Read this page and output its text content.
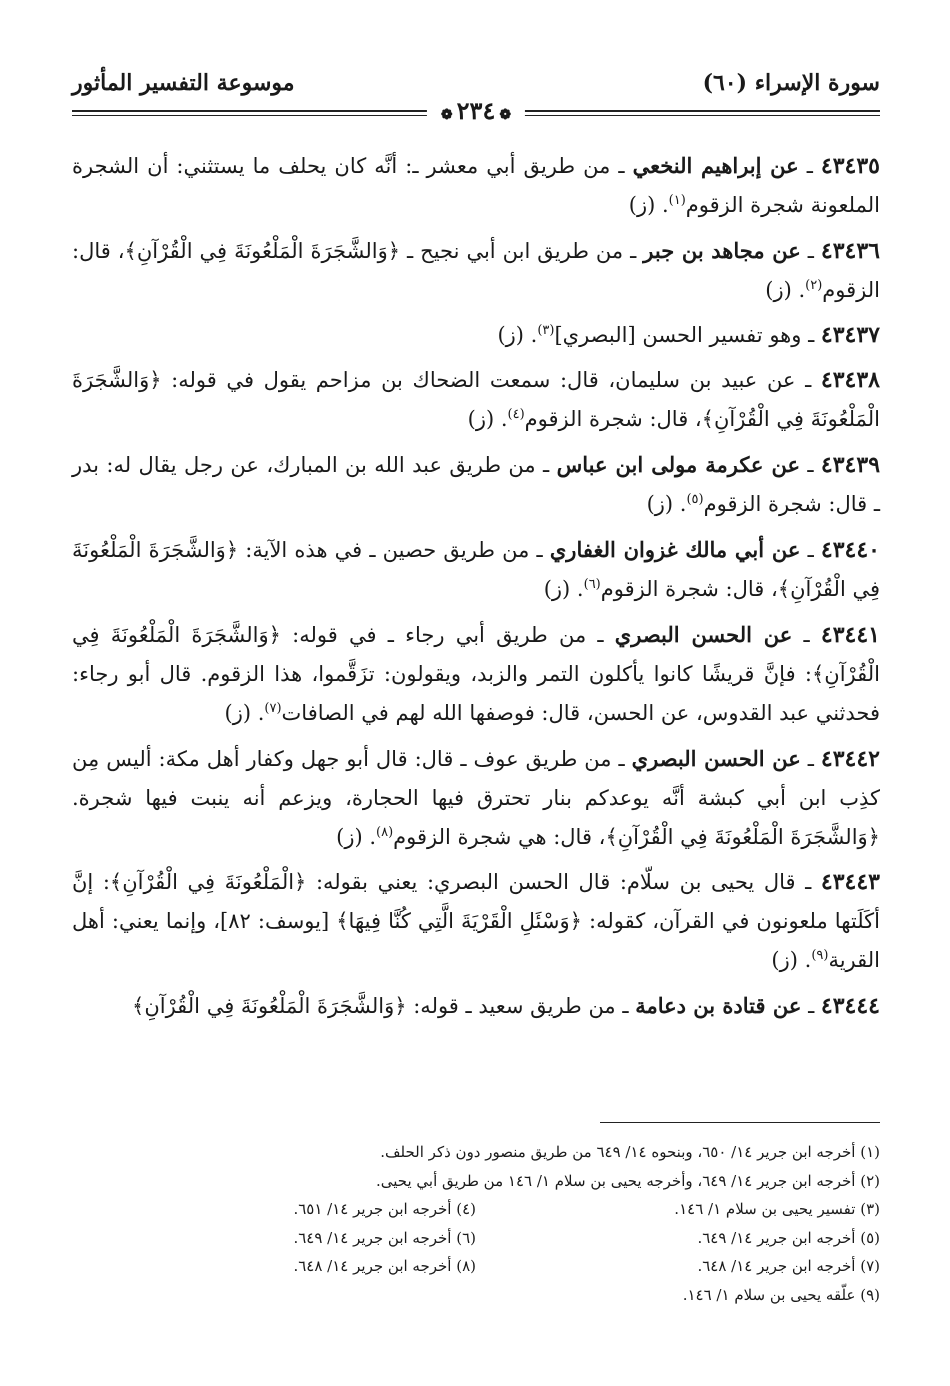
سورة الإسراء (٦٠)
موسوعة التفسير المأثور
❁٢٣٤❁

٤٣٤٣٥ ـ عن إبراهيم النخعي ـ من طريق أبي معشر ـ: أنَّه كان يحلف ما يستثني: أن الشجرة الملعونة شجرة الزقوم$^{(١)}$. (ز)

٤٣٤٣٦ ـ عن مجاهد بن جبر ـ من طريق ابن أبي نجيح ـ ﴿وَالشَّجَرَةَ الْمَلْعُونَةَ فِي الْقُرْآنِ﴾، قال: الزقوم$^{(٢)}$. (ز)

٤٣٤٣٧ ـ وهو تفسير الحسن [البصري]$^{(٣)}$. (ز)

٤٣٤٣٨ ـ عن عبيد بن سليمان، قال: سمعت الضحاك بن مزاحم يقول في قوله: ﴿وَالشَّجَرَةَ الْمَلْعُونَةَ فِي الْقُرْآنِ﴾، قال: شجرة الزقوم$^{(٤)}$. (ز)

٤٣٤٣٩ ـ عن عكرمة مولى ابن عباس ـ من طريق عبد الله بن المبارك، عن رجل يقال له: بدر ـ قال: شجرة الزقوم$^{(٥)}$. (ز)

٤٣٤٤٠ ـ عن أبي مالك غزوان الغفاري ـ من طريق حصين ـ في هذه الآية: ﴿وَالشَّجَرَةَ الْمَلْعُونَةَ فِي الْقُرْآنِ﴾، قال: شجرة الزقوم$^{(٦)}$. (ز)

٤٣٤٤١ ـ عن الحسن البصري ـ من طريق أبي رجاء ـ في قوله: ﴿وَالشَّجَرَةَ الْمَلْعُونَةَ فِي الْقُرْآنِ﴾: فإنَّ قريشًا كانوا يأكلون التمر والزبد، ويقولون: تزَقَّموا، هذا الزقوم. قال أبو رجاء: فحدثني عبد القدوس، عن الحسن، قال: فوصفها الله لهم في الصافات$^{(٧)}$. (ز)

٤٣٤٤٢ ـ عن الحسن البصري ـ من طريق عوف ـ قال: قال أبو جهل وكفار أهل مكة: أليس مِن كذِب ابن أبي كبشة أنَّه يوعدكم بنار تحترق فيها الحجارة، ويزعم أنه ينبت فيها شجرة. ﴿وَالشَّجَرَةَ الْمَلْعُونَةَ فِي الْقُرْآنِ﴾، قال: هي شجرة الزقوم$^{(٨)}$. (ز)

٤٣٤٤٣ ـ قال يحيى بن سلّام: قال الحسن البصري: يعني بقوله: ﴿الْمَلْعُونَةَ فِي الْقُرْآنِ﴾: إنَّ أكَلَتها ملعونون في القرآن، كقوله: ﴿وَسْئَلِ الْقَرْيَةَ الَّتِي كُنَّا فِيهَا﴾ [يوسف: ٨٢]، وإنما يعني: أهل القرية$^{(٩)}$. (ز)

٤٣٤٤٤ ـ عن قتادة بن دعامة ـ من طريق سعيد ـ قوله: ﴿وَالشَّجَرَةَ الْمَلْعُونَةَ فِي الْقُرْآنِ﴾

(١) أخرجه ابن جرير ١٤/ ٦٥٠، وبنحوه ١٤/ ٦٤٩ من طريق منصور دون ذكر الحلف.
(٢) أخرجه ابن جرير ١٤/ ٦٤٩، وأخرجه يحيى بن سلام ١/ ١٤٦ من طريق أبي يحيى.
(٣) تفسير يحيى بن سلام ١/ ١٤٦.
(٤) أخرجه ابن جرير ١٤/ ٦٥١.
(٥) أخرجه ابن جرير ١٤/ ٦٤٩.
(٦) أخرجه ابن جرير ١٤/ ٦٤٩.
(٧) أخرجه ابن جرير ١٤/ ٦٤٨.
(٨) أخرجه ابن جرير ١٤/ ٦٤٨.
(٩) علّقه يحيى بن سلام ١/ ١٤٦.
